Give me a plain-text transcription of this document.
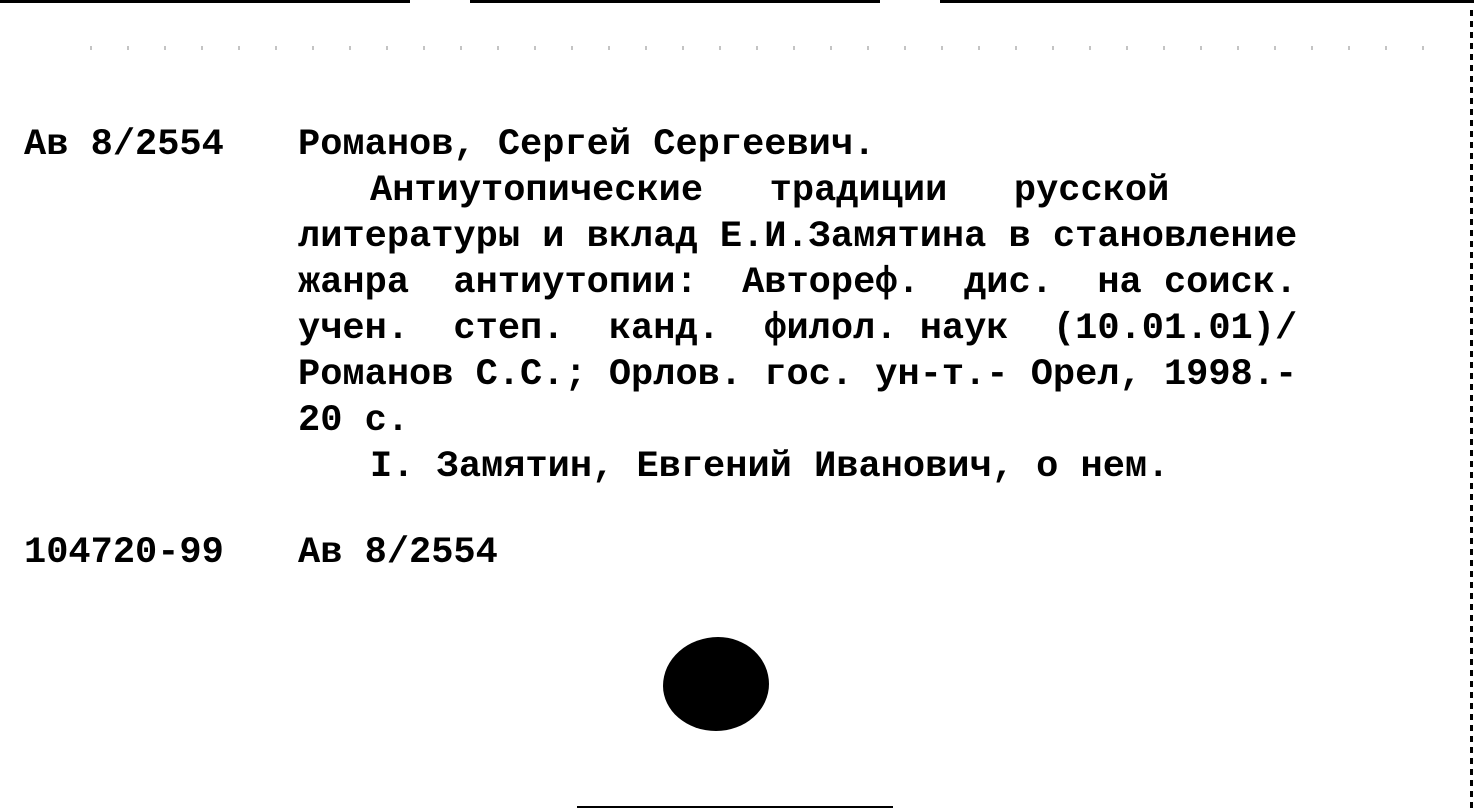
Ав 8/2554 Романов, Сергей Сергеевич.

Антиутопические   традиции   русской

литературы и вклад Е.И.Замятина в становление

жанра  антиутопии:  Автореф.  дис.  на соиск.

учен.  степ.  канд.  филол. наук  (10.01.01)/

Романов С.С.; Орлов. гос. ун-т.- Орел, 1998.-

20 с.

I. Замятин, Евгений Иванович, о нем.

104720-99 Ав 8/2554
